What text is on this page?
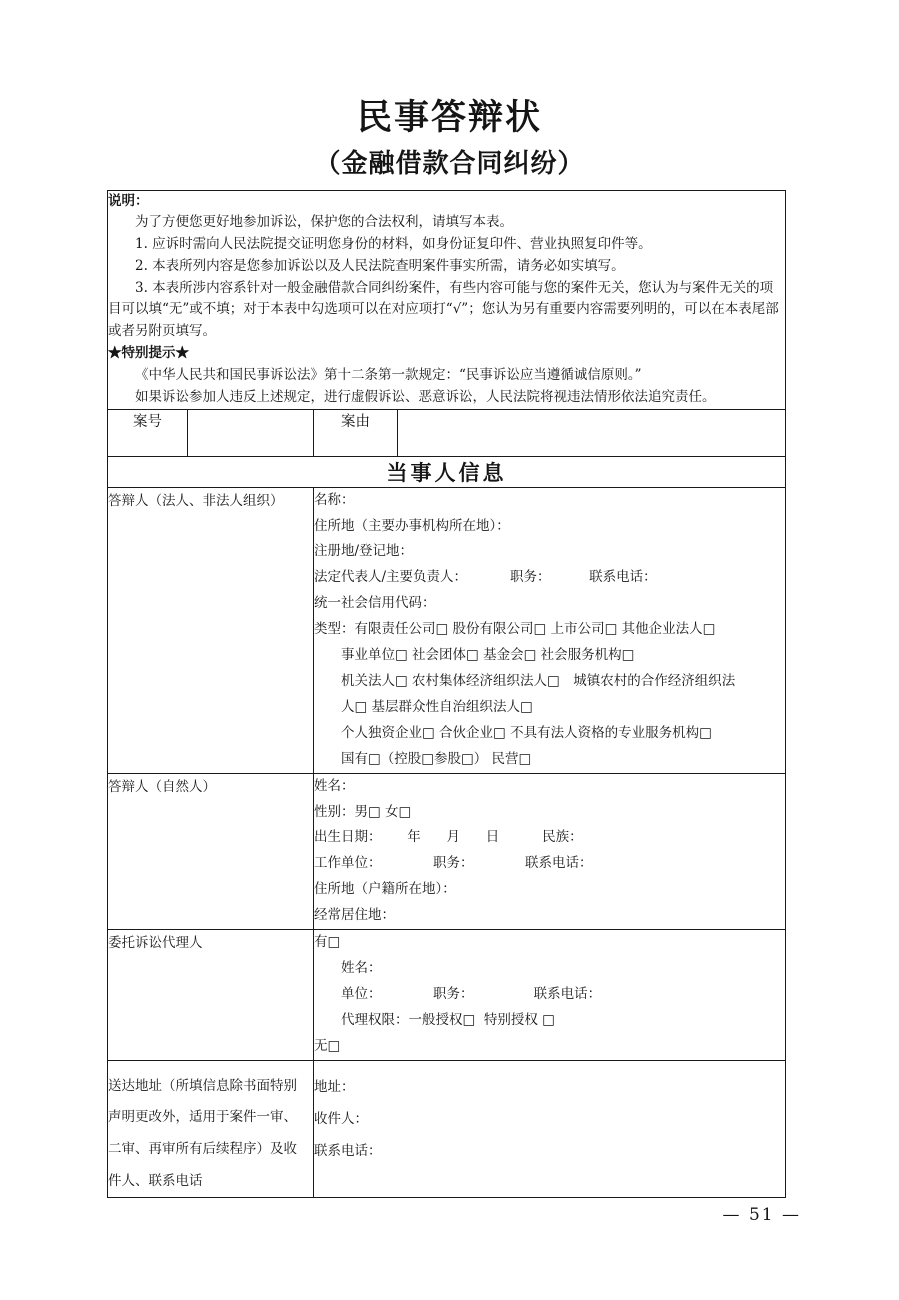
民事答辩状
（金融借款合同纠纷）
说明：
为了方便您更好地参加诉讼，保护您的合法权利，请填写本表。
1. 应诉时需向人民法院提交证明您身份的材料，如身份证复印件、营业执照复印件等。
2. 本表所列内容是您参加诉讼以及人民法院查明案件事实所需，请务必如实填写。
3. 本表所涉内容系针对一般金融借款合同纠纷案件，有些内容可能与您的案件无关，您认为与案件无关的项目可以填“无”或不填；对于本表中勾选项可以在对应项打“√”；您认为另有重要内容需要列明的，可以在本表尾部或者另附页填写。
★特别提示★
《中华人民共和国民事诉讼法》第十二条第一款规定：“民事诉讼应当遵循诚信原则。”
如果诉讼参加人违反上述规定，进行虚假诉讼、恶意诉讼，人民法院将视违法情形依法追究责任。

案号		案由	
当事人信息			
答辩人（法人、非法人组织）	名称：
住所地（主要办事机构所在地）：
注册地/登记地：
法定代表人/主要负责人：          职务：         联系电话：
统一社会信用代码：
类型：有限责任公司□ 股份有限公司□ 上市公司□ 其他企业法人□
事业单位□ 社会团体□ 基金会□ 社会服务机构□
机关法人□ 农村集体经济组织法人□　城镇农村的合作经济组织法
人□ 基层群众性自治组织法人□
个人独资企业□ 合伙企业□ 不具有法人资格的专业服务机构□
国有□（控股□参股□） 民营□

答辩人（自然人）	姓名：
性别：男□ 女□
出生日期：      年      月      日          民族：
工作单位：            职务：            联系电话：
住所地（户籍所在地）：
经常居住地：

委托诉讼代理人		有□
姓名：
单位：            职务：              联系电话：
代理权限：一般授权□  特别授权 □
无□	

送达地址（所填信息除书面特别
声明更改外，适用于案件一审、
二审、再审所有后续程序）及收
件人、联系电话

地址：
收件人：
联系电话：
— 51 —
